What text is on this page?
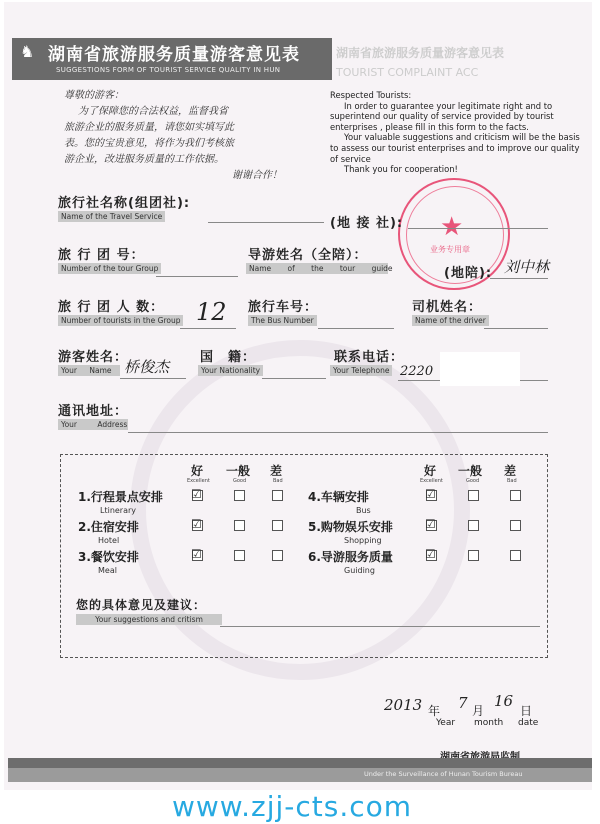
♞ 湖南省旅游服务质量游客意见表
SUGGESTIONS FORM OF TOURIST SERVICE QUALITY IN HUN
湖南省旅游服务质量游客意见表
TOURIST COMPLAINT ACC
尊敬的游客：
为了保障您的合法权益，监督我省
旅游企业的服务质量，请您如实填写此
表。您的宝贵意见，将作为我们考核旅
游企业，改进服务质量的工作依据。
谢谢合作！
Respected Tourists:
In order to guarantee your legitimate right and to superintend our quality of service provided by tourist enterprises , please fill in this form to the facts.
Your valuable suggestions and criticism will be the basis to assess our tourist enterprises and to improve our quality of service
Thank you for cooperation!
★
业务专用章
旅行社名称(组团社):
Name of the Travel Service	(地 接 社):
旅 行 团 号：
Number of the tour Group
导游姓名（全陪）：
Name of the tour guide	(地陪): 刘中林
旅 行 团 人 数：
Number of tourists in the Group 12 旅行车号：
The Bus Number
司机姓名：
Name of the driver
游客姓名：
Your Name 桥俊杰
国　籍：
Your Nationality
联系电话：
Your Telephone 2220
通讯地址：
Your Address
好
Excellent
一般
Good
差
Bad
好
Excellent
一般
Good
差
Bad
1.行程景点安排
Ltinerary
2.住宿安排
Hotel
3.餐饮安排
Meal
4.车辆安排
Bus
5.购物娱乐安排
Shopping
6.导游服务质量
Guiding
☑
☑
☑
☑
☑
☑
您的具体意见及建议：
Your suggestions and critism
2013 年 7 月
16
日
Year month date
Under the Surveillance of Hunan Tourism Bureau
www.zjj-cts.com
